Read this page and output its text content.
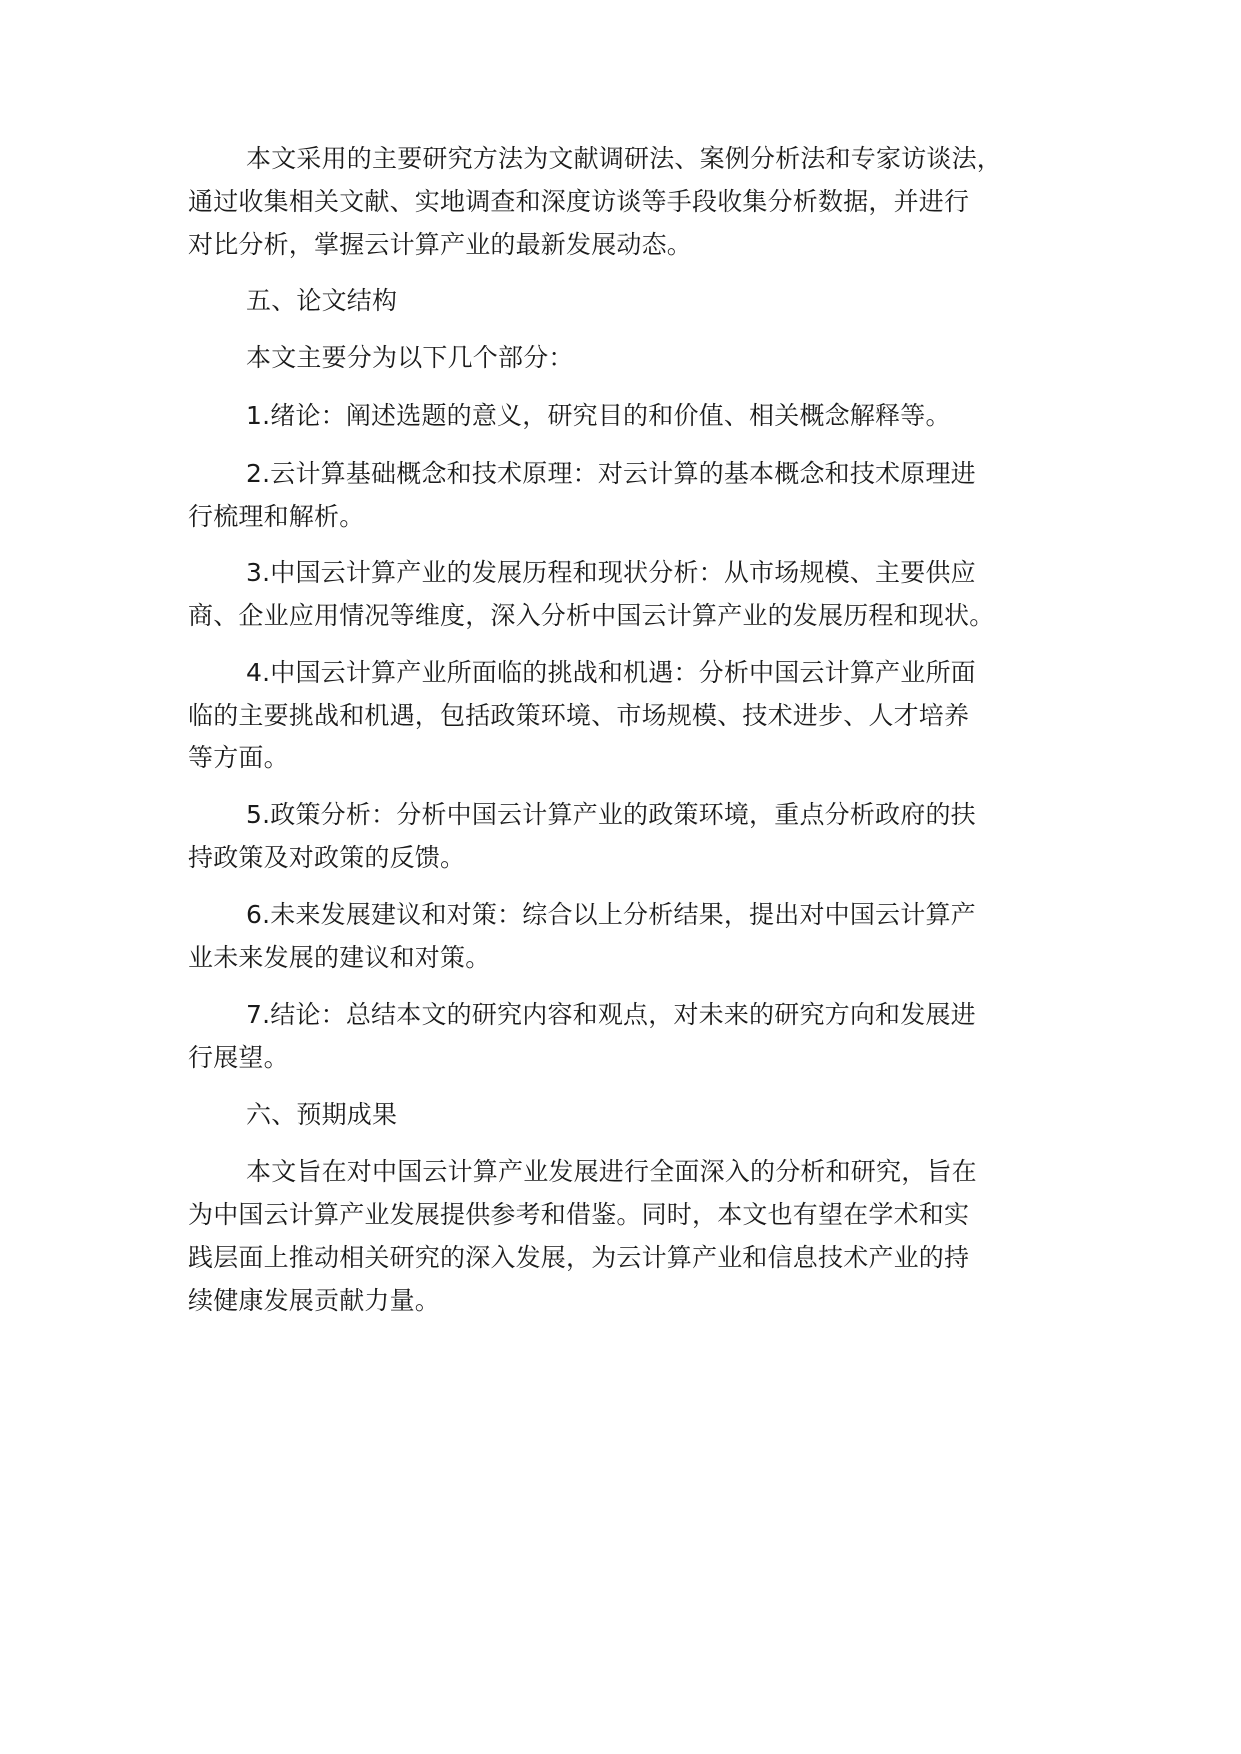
本文采用的主要研究方法为文献调研法、案例分析法和专家访谈法，
通过收集相关文献、实地调查和深度访谈等手段收集分析数据，并进行
对比分析，掌握云计算产业的最新发展动态。
五、论文结构
本文主要分为以下几个部分：
1.绪论：阐述选题的意义，研究目的和价值、相关概念解释等。
2.云计算基础概念和技术原理：对云计算的基本概念和技术原理进
行梳理和解析。
3.中国云计算产业的发展历程和现状分析：从市场规模、主要供应
商、企业应用情况等维度，深入分析中国云计算产业的发展历程和现状。
4.中国云计算产业所面临的挑战和机遇：分析中国云计算产业所面
临的主要挑战和机遇，包括政策环境、市场规模、技术进步、人才培养
等方面。
5.政策分析：分析中国云计算产业的政策环境，重点分析政府的扶
持政策及对政策的反馈。
6.未来发展建议和对策：综合以上分析结果，提出对中国云计算产
业未来发展的建议和对策。
7.结论：总结本文的研究内容和观点，对未来的研究方向和发展进
行展望。
六、预期成果
本文旨在对中国云计算产业发展进行全面深入的分析和研究，旨在
为中国云计算产业发展提供参考和借鉴。同时，本文也有望在学术和实
践层面上推动相关研究的深入发展，为云计算产业和信息技术产业的持
续健康发展贡献力量。
